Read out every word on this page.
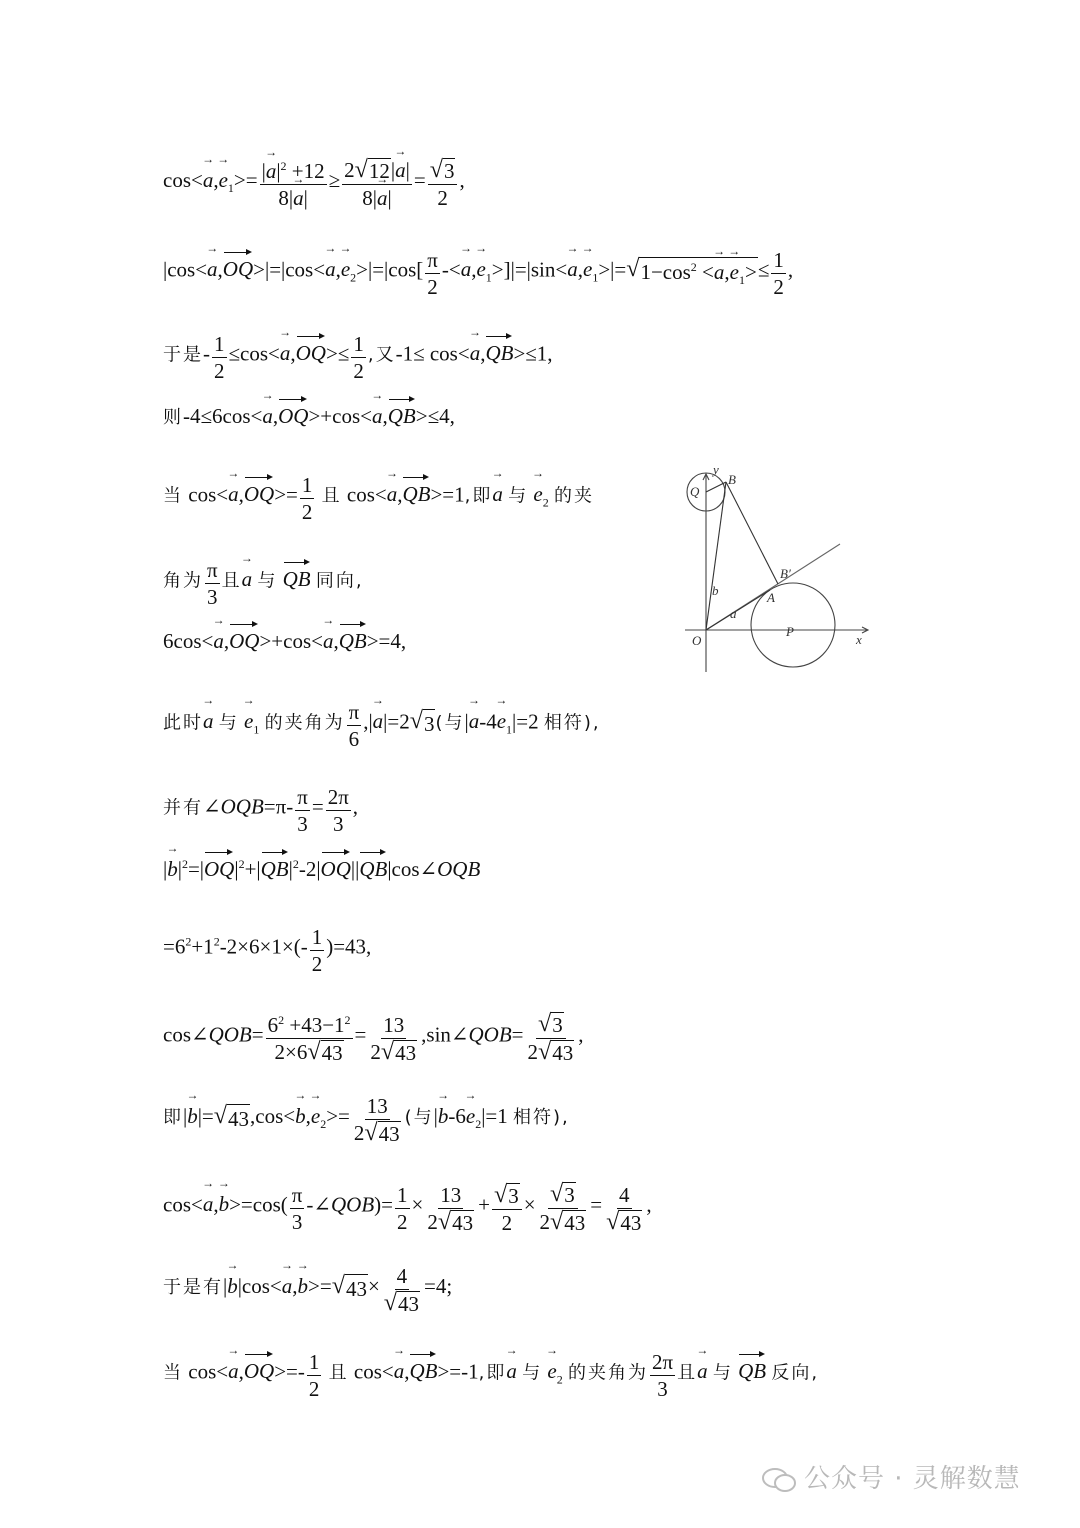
$\cos<\to a,\to e_1>= \frac{|\to a|^2 +12}{8|\to a|} \ge \frac{2 √ 12 |\to a|}{8|\to a|} = \frac{√ 3}{2}$ ,
$|\cos<\to a,OQ>|=|\cos<\to a,\to e_2>|=|\cos[ \frac{\pi}{2}$ -<→ $a,\to e_1>]|=|\sin<\to a,\to e_1>|=$ √ $1-\cos^2 <\to a,\to e_1> \le \frac{1}{2}$ ,
于是- $\frac{1}{2} \le\cos<\to a,OQ>\le \frac{1}{2}$ ,又-1≤ cos<→ a,QB>≤1,
则-4≤6cos<→ a,OQ>+cos<→ a,QB>≤4,
当 $\cos<\to a,OQ>= \frac{1}{2}$ 且 cos<→ a,QB>=1,即→ a 与 → $e_2$ 的夹
角为 $\frac{\pi}{3}$ 且→ a 与 QB 同向,
6cos<→ a,OQ>+cos<→ a,QB>=4,
此时→ a 与 → $e_1$ 的夹角为 $\frac{\pi}{6}$ ,|→ a|=2 √ 3 (与|→ $a-4\to e_1|=2$ 相符),
并有∠OQB=π- $\frac{\pi}{3} = \frac{2\pi}{3}$ ,
|→ $b|^2=|OQ|^2+|QB|^2-2|OQ||QB|\cos\angle OQB$
$=6^2+1^2-2\times 6\times 1\times(- \frac{1}{2} )=43$,
cos∠QOB= $\frac{6^2 +43-1^2}{2\times 6 √ 43} = \frac{13}{2 √ 43}$ ,sin∠QOB= $\frac{√ 3}{2 √ 43}$ ,
即|→ b|= √ 43 $,\cos<\to b,\to e_2>= \frac{13}{2 √ 43}$ (与|→ $b-6\to e_2|=1$ 相符),
$\cos<\to a,\to b>=\cos( \frac{\pi}{3}$ -∠QOB)= $\frac{1}{2} \times \frac{13}{2 √ 43} + \frac{√ 3}{2} \times \frac{√ 3}{2 √ 43} = \frac{4}{√ 43}$ ,
于是有|→ b|cos<→ a,→ b>= √ $43 \times \frac{4}{√ 43} =4$;
当 $\cos<\to a,OQ>=- \frac{1}{2}$ 且 cos<→ a,QB>=-1,即→ a 与 → $e_2$ 的夹角为 $\frac{2\pi}{3}$ 且→ a 与 QB 反向,
y
x
O
Q
B
B′
A
P
a
b
公众号 · 灵解数慧
